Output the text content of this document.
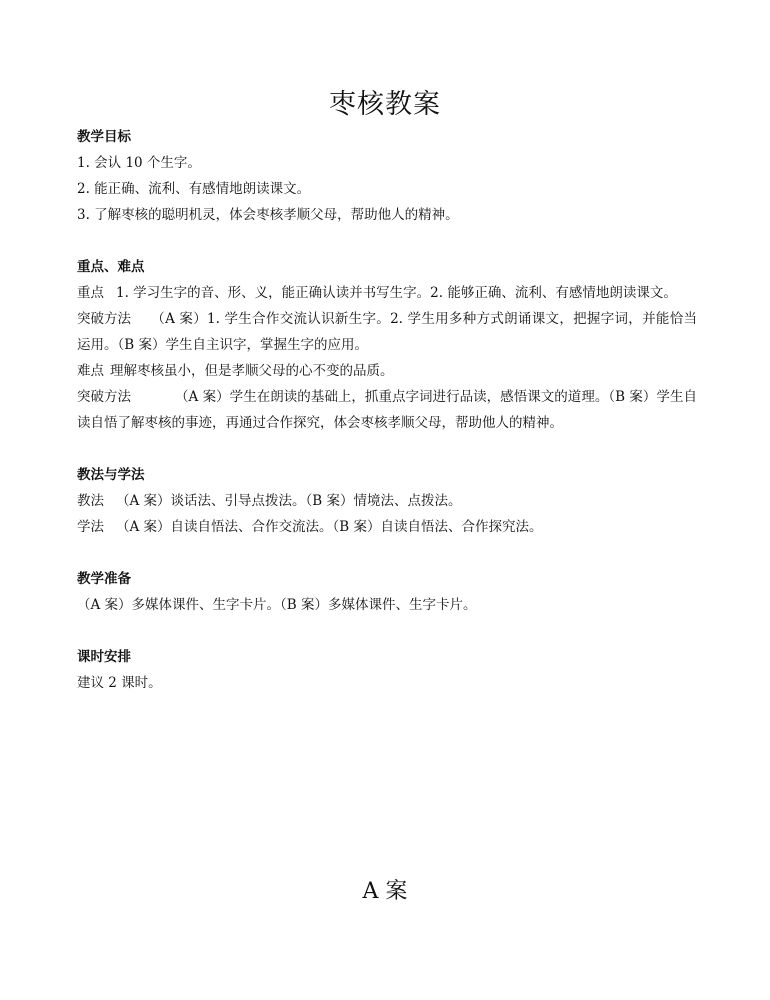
枣核教案
教学目标
1. 会认 10 个生字。
2. 能正确、流利、有感情地朗读课文。
3. 了解枣核的聪明机灵，体会枣核孝顺父母，帮助他人的精神。
重点、难点
重点 1. 学习生字的音、形、义，能正确认读并书写生字。2. 能够正确、流利、有感情地朗读课文。
突破方法 （A 案）1. 学生合作交流认识新生字。2. 学生用多种方式朗诵课文，把握字词，并能恰当运用。（B 案）学生自主识字，掌握生字的应用。
难点 理解枣核虽小，但是孝顺父母的心不变的品质。
突破方法	（A 案）学生在朗读的基础上，抓重点字词进行品读，感悟课文的道理。（B 案）学生自读自悟了解枣核的事迹，再通过合作探究，体会枣核孝顺父母，帮助他人的精神。
教法与学法
教法 （A 案）谈话法、引导点拨法。（B 案）情境法、点拨法。
学法 （A 案）自读自悟法、合作交流法。（B 案）自读自悟法、合作探究法。
教学准备
（A 案）多媒体课件、生字卡片。（B 案）多媒体课件、生字卡片。
课时安排
建议 2 课时。
A 案
